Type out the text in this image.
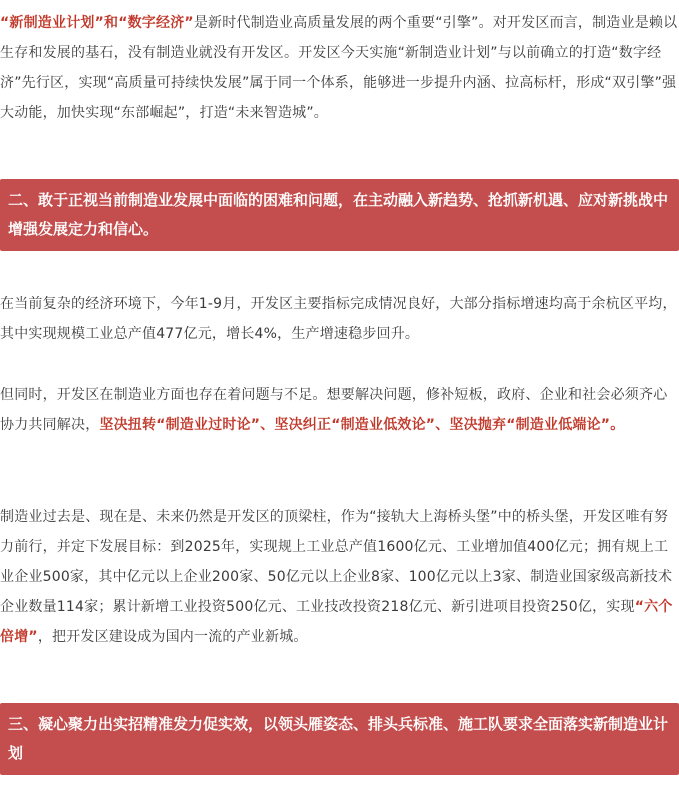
“新制造业计划”和“数字经济”是新时代制造业高质量发展的两个重要“引擎”。对开发区而言，制造业是赖以生存和发展的基石，没有制造业就没有开发区。开发区今天实施“新制造业计划”与以前确立的打造“数字经济”先行区，实现“高质量可持续快发展”属于同一个体系，能够进一步提升内涵、拉高标杆，形成“双引擎”强大动能，加快实现“东部崛起”，打造“未来智造城”。

二、敢于正视当前制造业发展中面临的困难和问题，在主动融入新趋势、抢抓新机遇、应对新挑战中增强发展定力和信心。

在当前复杂的经济环境下，今年1-9月，开发区主要指标完成情况良好，大部分指标增速均高于余杭区平均，其中实现规模工业总产值477亿元，增长4%，生产增速稳步回升。

但同时，开发区在制造业方面也存在着问题与不足。想要解决问题，修补短板，政府、企业和社会必须齐心协力共同解决，坚决扭转“制造业过时论”、坚决纠正“制造业低效论”、坚决抛弃“制造业低端论”。

制造业过去是、现在是、未来仍然是开发区的顶梁柱，作为“接轨大上海桥头堡”中的桥头堡，开发区唯有努力前行，并定下发展目标：到2025年，实现规上工业总产值1600亿元、工业增加值400亿元；拥有规上工业企业500家，其中亿元以上企业200家、50亿元以上企业8家、100亿元以上3家、制造业国家级高新技术企业数量114家；累计新增工业投资500亿元、工业技改投资218亿元、新引进项目投资250亿，实现“六个倍增”，把开发区建设成为国内一流的产业新城。

三、凝心聚力出实招精准发力促实效，以领头雁姿态、排头兵标准、施工队要求全面落实新制造业计划
